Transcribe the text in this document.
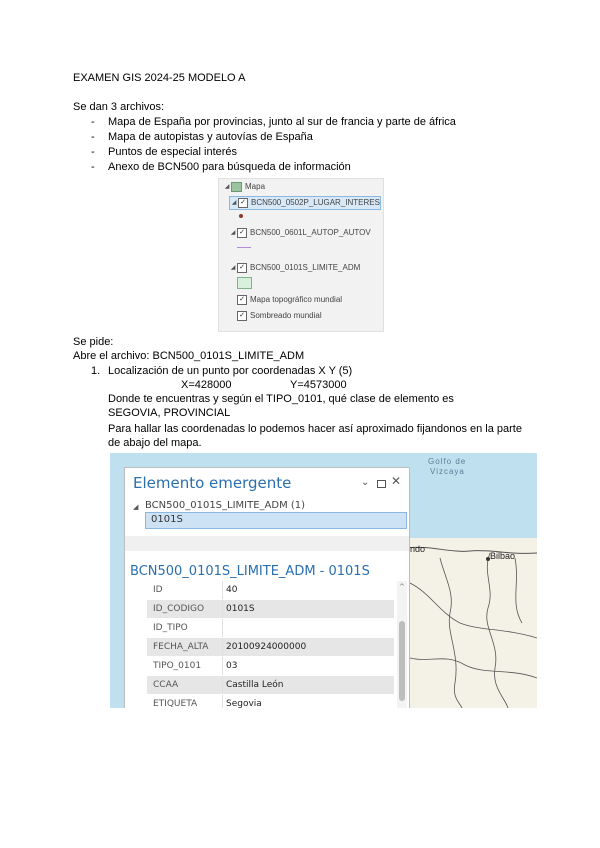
EXAMEN GIS 2024-25 MODELO A
Se dan 3 archivos:
- Mapa de España por provincias, junto al sur de francia y parte de áfrica
- Mapa de autopistas y autovías de España
- Puntos de especial interés
- Anexo de BCN500 para búsqueda de información
◢ Mapa
◢ ✓ BCN500_0502P_LUGAR_INTERES
◢ ✓ BCN500_0601L_AUTOP_AUTOV
◢ ✓ BCN500_0101S_LIMITE_ADM
✓ Mapa topográfico mundial
✓ Sombreado mundial
Se pide:
Abre el archivo: BCN500_0101S_LIMITE_ADM
1. Localización de un punto por coordenadas X Y (5)
X=428000	Y=4573000
Donde te encuentras y según el TIPO_0101, qué clase de elemento es
SEGOVIA, PROVINCIAL
Para hallar las coordenadas lo podemos hacer así aproximado fijandonos en la parte
de abajo del mapa.
Golfo de
Vizcaya
Bilbao
ndo
Elemento emergente	⌄ ✕
◢ BCN500_0101S_LIMITE_ADM (1)
0101S
BCN500_0101S_LIMITE_ADM - 0101S
ID	40
ID_CODIGO	0101S
ID_TIPO
FECHA_ALTA	20100924000000
TIPO_0101	03
CCAA	Castilla León
ETIQUETA	Segovia
^
